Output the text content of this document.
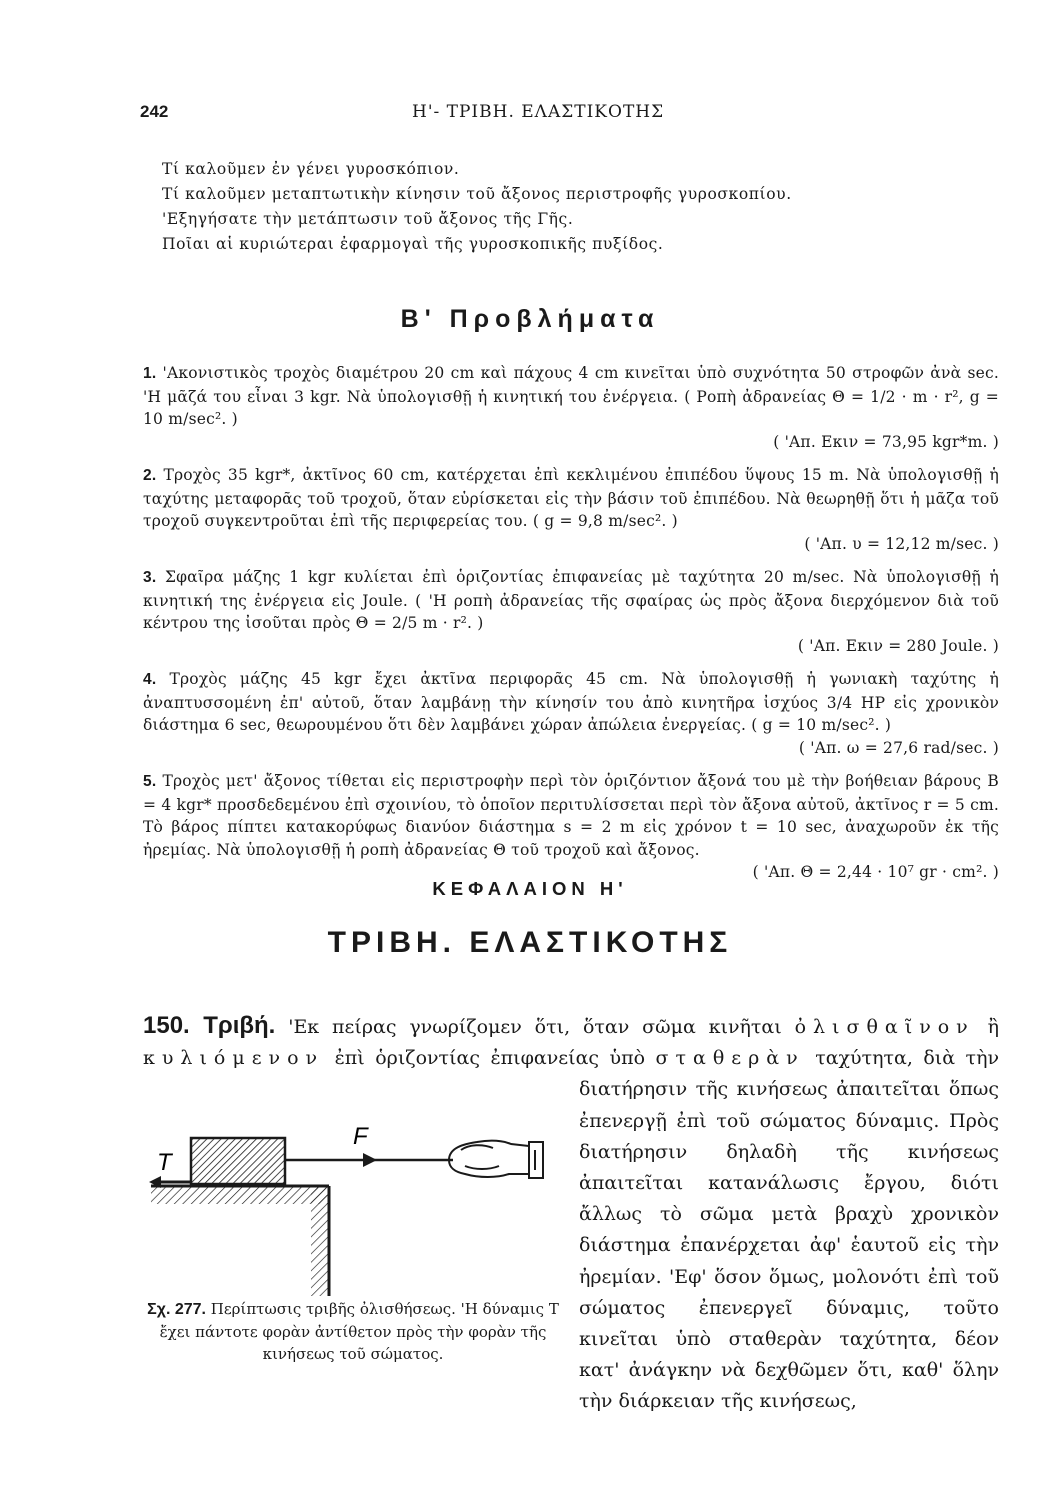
242	Η'- ΤΡΙΒΗ. ΕΛΑΣΤΙΚΟΤΗΣ
Τί καλοῦμεν ἐν γένει γυροσκόπιον.
Τί καλοῦμεν μεταπτωτικὴν κίνησιν τοῦ ἄξονος περιστροφῆς γυροσκοπίου.
'Εξηγήσατε τὴν μετάπτωσιν τοῦ ἄξονος τῆς Γῆς.
Ποῖαι αἱ κυριώτεραι ἐφαρμογαὶ τῆς γυροσκοπικῆς πυξίδος.
Β' Προβλήματα
1. 'Ακονιστικὸς τροχὸς διαμέτρου 20 cm καὶ πάχους 4 cm κινεῖται ὑπὸ συχνότητα 50 στροφῶν ἀνὰ sec. 'Η μᾶζά του εἶναι 3 kgr. Νὰ ὑπολογισθῇ ἡ κινητική του ἐνέργεια. ( Ροπὴ ἀδρανείας Θ = 1/2 · m · r², g = 10 m/sec². )
( 'Απ. Εκιν = 73,95 kgr*m. )
2. Τροχὸς 35 kgr*, ἀκτῖνος 60 cm, κατέρχεται ἐπὶ κεκλιμένου ἐπιπέδου ὕψους 15 m. Νὰ ὑπολογισθῇ ἡ ταχύτης μεταφορᾶς τοῦ τροχοῦ, ὅταν εὑρίσκεται εἰς τὴν βάσιν τοῦ ἐπιπέδου. Νὰ θεωρηθῇ ὅτι ἡ μᾶζα τοῦ τροχοῦ συγκεντροῦται ἐπὶ τῆς περιφερείας του. ( g = 9,8 m/sec². )
( 'Απ. υ = 12,12 m/sec. )
3. Σφαῖρα μάζης 1 kgr κυλίεται ἐπὶ ὁριζοντίας ἐπιφανείας μὲ ταχύτητα 20 m/sec. Νὰ ὑπολογισθῇ ἡ κινητική της ἐνέργεια εἰς Joule. ( 'Η ροπὴ ἀδρανείας τῆς σφαίρας ὡς πρὸς ἄξονα διερχόμενον διὰ τοῦ κέντρου της ἰσοῦται πρὸς Θ = 2/5 m · r². )
( 'Απ. Εκιν = 280 Joule. )
4. Τροχὸς μάζης 45 kgr ἔχει ἀκτῖνα περιφορᾶς 45 cm. Νὰ ὑπολογισθῇ ἡ γωνιακὴ ταχύτης ἡ ἀναπτυσσομένη ἐπ' αὐτοῦ, ὅταν λαμβάνῃ τὴν κίνησίν του ἀπὸ κινητῆρα ἰσχύος 3/4 HP εἰς χρονικὸν διάστημα 6 sec, θεωρουμένου ὅτι δὲν λαμβάνει χώραν ἀπώλεια ἐνεργείας. ( g = 10 m/sec². )
( 'Απ. ω = 27,6 rad/sec. )
5. Τροχὸς μετ' ἄξονος τίθεται εἰς περιστροφὴν περὶ τὸν ὁριζόντιον ἄξονά του μὲ τὴν βοήθειαν βάρους Β = 4 kgr* προσδεδεμένου ἐπὶ σχοινίου, τὸ ὁποῖον περιτυλίσσεται περὶ τὸν ἄξονα αὐτοῦ, ἀκτῖνος r = 5 cm. Τὸ βάρος πίπτει κατακορύφως διανύον διάστημα s = 2 m εἰς χρόνον t = 10 sec, ἀναχωροῦν ἐκ τῆς ἠρεμίας. Νὰ ὑπολογισθῇ ἡ ροπὴ ἀδρανείας Θ τοῦ τροχοῦ καὶ ἄξονος.
( 'Απ. Θ = 2,44 · 10⁷ gr · cm². )
ΚΕΦΑΛΑΙΟΝ Η'
ΤΡΙΒΗ. ΕΛΑΣΤΙΚΟΤΗΣ

150. Τριβή. 'Εκ πείρας γνωρίζομεν ὅτι, ὅταν σῶμα κινῆται ὀλισθαῖνον ἢ κυλιόμενον ἐπὶ ὁριζοντίας ἐπιφανείας ὑπὸ σταθερὰν
T
F
Σχ. 277. Περίπτωσις τριβῆς ὀλισθήσεως. 'Η δύναμις Τ ἔχει πάντοτε φορὰν ἀντίθετον πρὸς τὴν φορὰν τῆς κινήσεως τοῦ σώματος.
ταχύτητα, διὰ τὴν διατήρησιν τῆς κινήσεως ἀπαιτεῖται ὅπως ἐπενεργῇ ἐπὶ τοῦ σώματος δύναμις. Πρὸς διατήρησιν δηλαδὴ τῆς κινήσεως ἀπαιτεῖται κατανάλωσις ἔργου, διότι ἄλλως τὸ σῶμα μετὰ βραχὺ χρονικὸν διάστημα ἐπανέρχεται ἀφ' ἑαυτοῦ εἰς τὴν ἠρεμίαν. 'Εφ' ὅσον ὅμως, μολονότι ἐπὶ τοῦ σώματος ἐπενεργεῖ δύναμις, τοῦτο κινεῖται ὑπὸ σταθερὰν ταχύτητα, δέον κατ' ἀνάγκην νὰ δεχθῶμεν ὅτι, καθ' ὅλην τὴν διάρκειαν τῆς κινήσεως,
